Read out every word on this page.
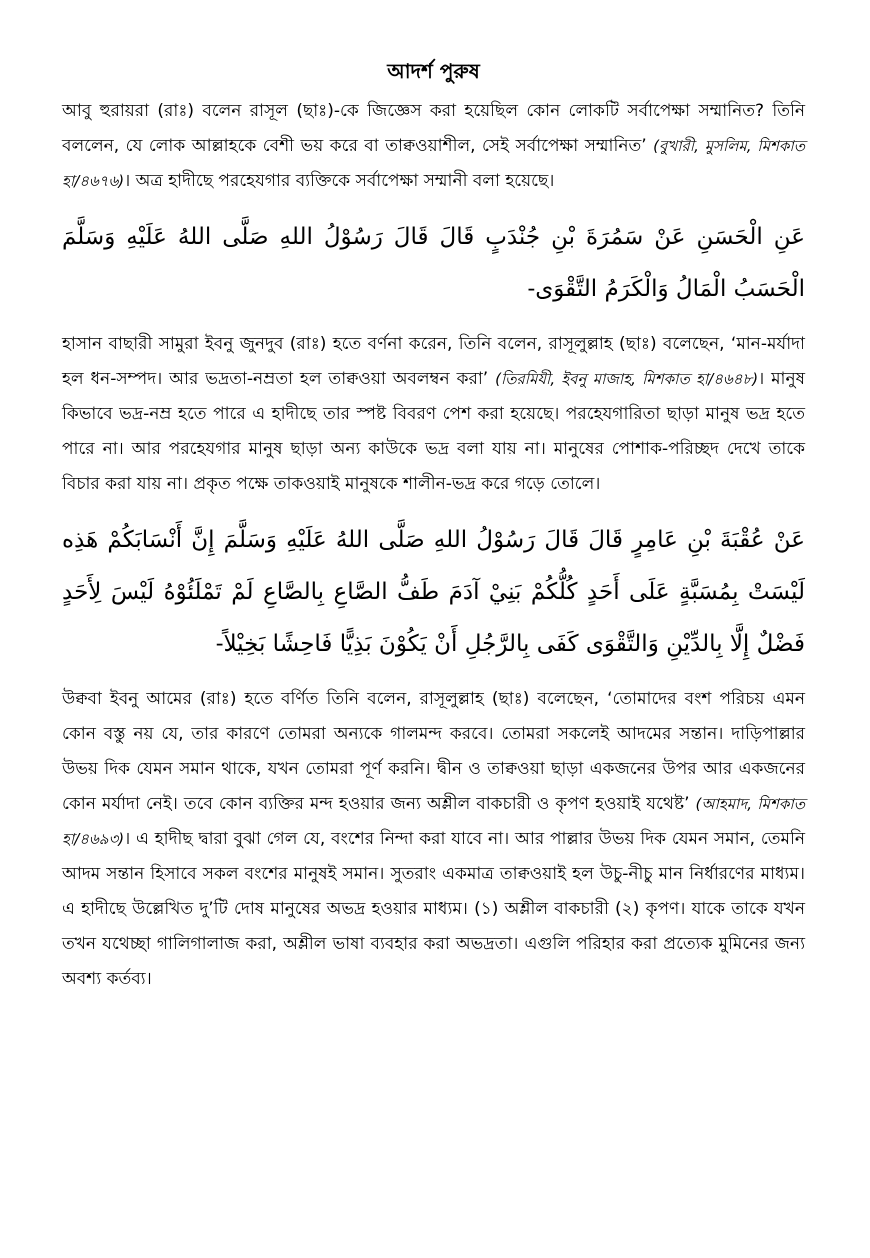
আদর্শ পুরুষ

আবু হুরায়রা (রাঃ) বলেন রাসূল (ছাঃ)-কে জিজ্ঞেস করা হয়েছিল কোন লোকটি সর্বাপেক্ষা সম্মানিত? তিনি বললেন, যে লোক আল্লাহকে বেশী ভয় করে বা তাক্বওয়াশীল, সেই সর্বাপেক্ষা সম্মানিত’ (বুখারী, মুসলিম, মিশকাত হা/৪৬৭৬)। অত্র হাদীছে পরহেযগার ব্যক্তিকে সর্বাপেক্ষা সম্মানী বলা হয়েছে।

عَنِ الْحَسَنِ عَنْ سَمُرَةَ بْنِ جُنْدَبٍ قَالَ قَالَ رَسُوْلُ اللهِ صَلَّى اللهُ عَلَيْهِ وَسَلَّمَ الْحَسَبُ الْمَالُ وَالْكَرَمُ التَّقْوَى-

হাসান বাছারী সামুরা ইবনু জুনদুব (রাঃ) হতে বর্ণনা করেন, তিনি বলেন, রাসূলুল্লাহ (ছাঃ) বলেছেন, ‘মান-মর্যাদা হল ধন-সম্পদ। আর ভদ্রতা-নম্রতা হল তাক্বওয়া অবলম্বন করা’ (তিরমিযী, ইবনু মাজাহ, মিশকাত হা/৪৬৪৮)। মানুষ কিভাবে ভদ্র-নম্র হতে পারে এ হাদীছে তার স্পষ্ট বিবরণ পেশ করা হয়েছে। পরহেযগারিতা ছাড়া মানুষ ভদ্র হতে পারে না। আর পরহেযগার মানুষ ছাড়া অন্য কাউকে ভদ্র বলা যায় না। মানুষের পোশাক-পরিচ্ছদ দেখে তাকে বিচার করা যায় না। প্রকৃত পক্ষে তাকওয়াই মানুষকে শালীন-ভদ্র করে গড়ে তোলে।

عَنْ عُقْبَةَ بْنِ عَامِرٍ قَالَ قَالَ رَسُوْلُ اللهِ صَلَّى اللهُ عَلَيْهِ وَسَلَّمَ إِنَّ أَنْسَابَكُمْ هَذِه لَيْسَتْ بِمُسَبَّةٍ عَلَى أَحَدٍ كُلُّكُمْ بَنِيْ آدَمَ طَفُّ الصَّاعِ بِالصَّاعِ لَمْ تَمْلَئُوْهُ لَيْسَ لِأَحَدٍ فَضْلٌ إِلَّا بِالدِّيْنِ وَالتَّقْوَى كَفَى بِالرَّجُلِ أَنْ يَكُوْنَ بَذِيًّا فَاحِشًا بَخِيْلاً-

উক্ববা ইবনু আমের (রাঃ) হতে বর্ণিত তিনি বলেন, রাসূলুল্লাহ (ছাঃ) বলেছেন, ‘তোমাদের বংশ পরিচয় এমন কোন বস্তু নয় যে, তার কারণে তোমরা অন্যকে গালমন্দ করবে। তোমরা সকলেই আদমের সন্তান। দাড়িপাল্লার উভয় দিক যেমন সমান থাকে, যখন তোমরা পূর্ণ করনি। দ্বীন ও তাক্বওয়া ছাড়া একজনের উপর আর একজনের কোন মর্যাদা নেই। তবে কোন ব্যক্তির মন্দ হওয়ার জন্য অশ্লীল বাকচারী ও কৃপণ হওয়াই যথেষ্ট’ (আহমাদ, মিশকাত হা/৪৬৯৩)। এ হাদীছ দ্বারা বুঝা গেল যে, বংশের নিন্দা করা যাবে না। আর পাল্লার উভয় দিক যেমন সমান, তেমনি আদম সন্তান হিসাবে সকল বংশের মানুষই সমান। সুতরাং একমাত্র তাক্বওয়াই হল উচু-নীচু মান নির্ধারণের মাধ্যম। এ হাদীছে উল্লেখিত দু’টি দোষ মানুষের অভদ্র হওয়ার মাধ্যম। (১) অশ্লীল বাকচারী (২) কৃপণ। যাকে তাকে যখন তখন যথেচ্ছা গালিগালাজ করা, অশ্লীল ভাষা ব্যবহার করা অভদ্রতা। এগুলি পরিহার করা প্রত্যেক মুমিনের জন্য অবশ্য কর্তব্য।
